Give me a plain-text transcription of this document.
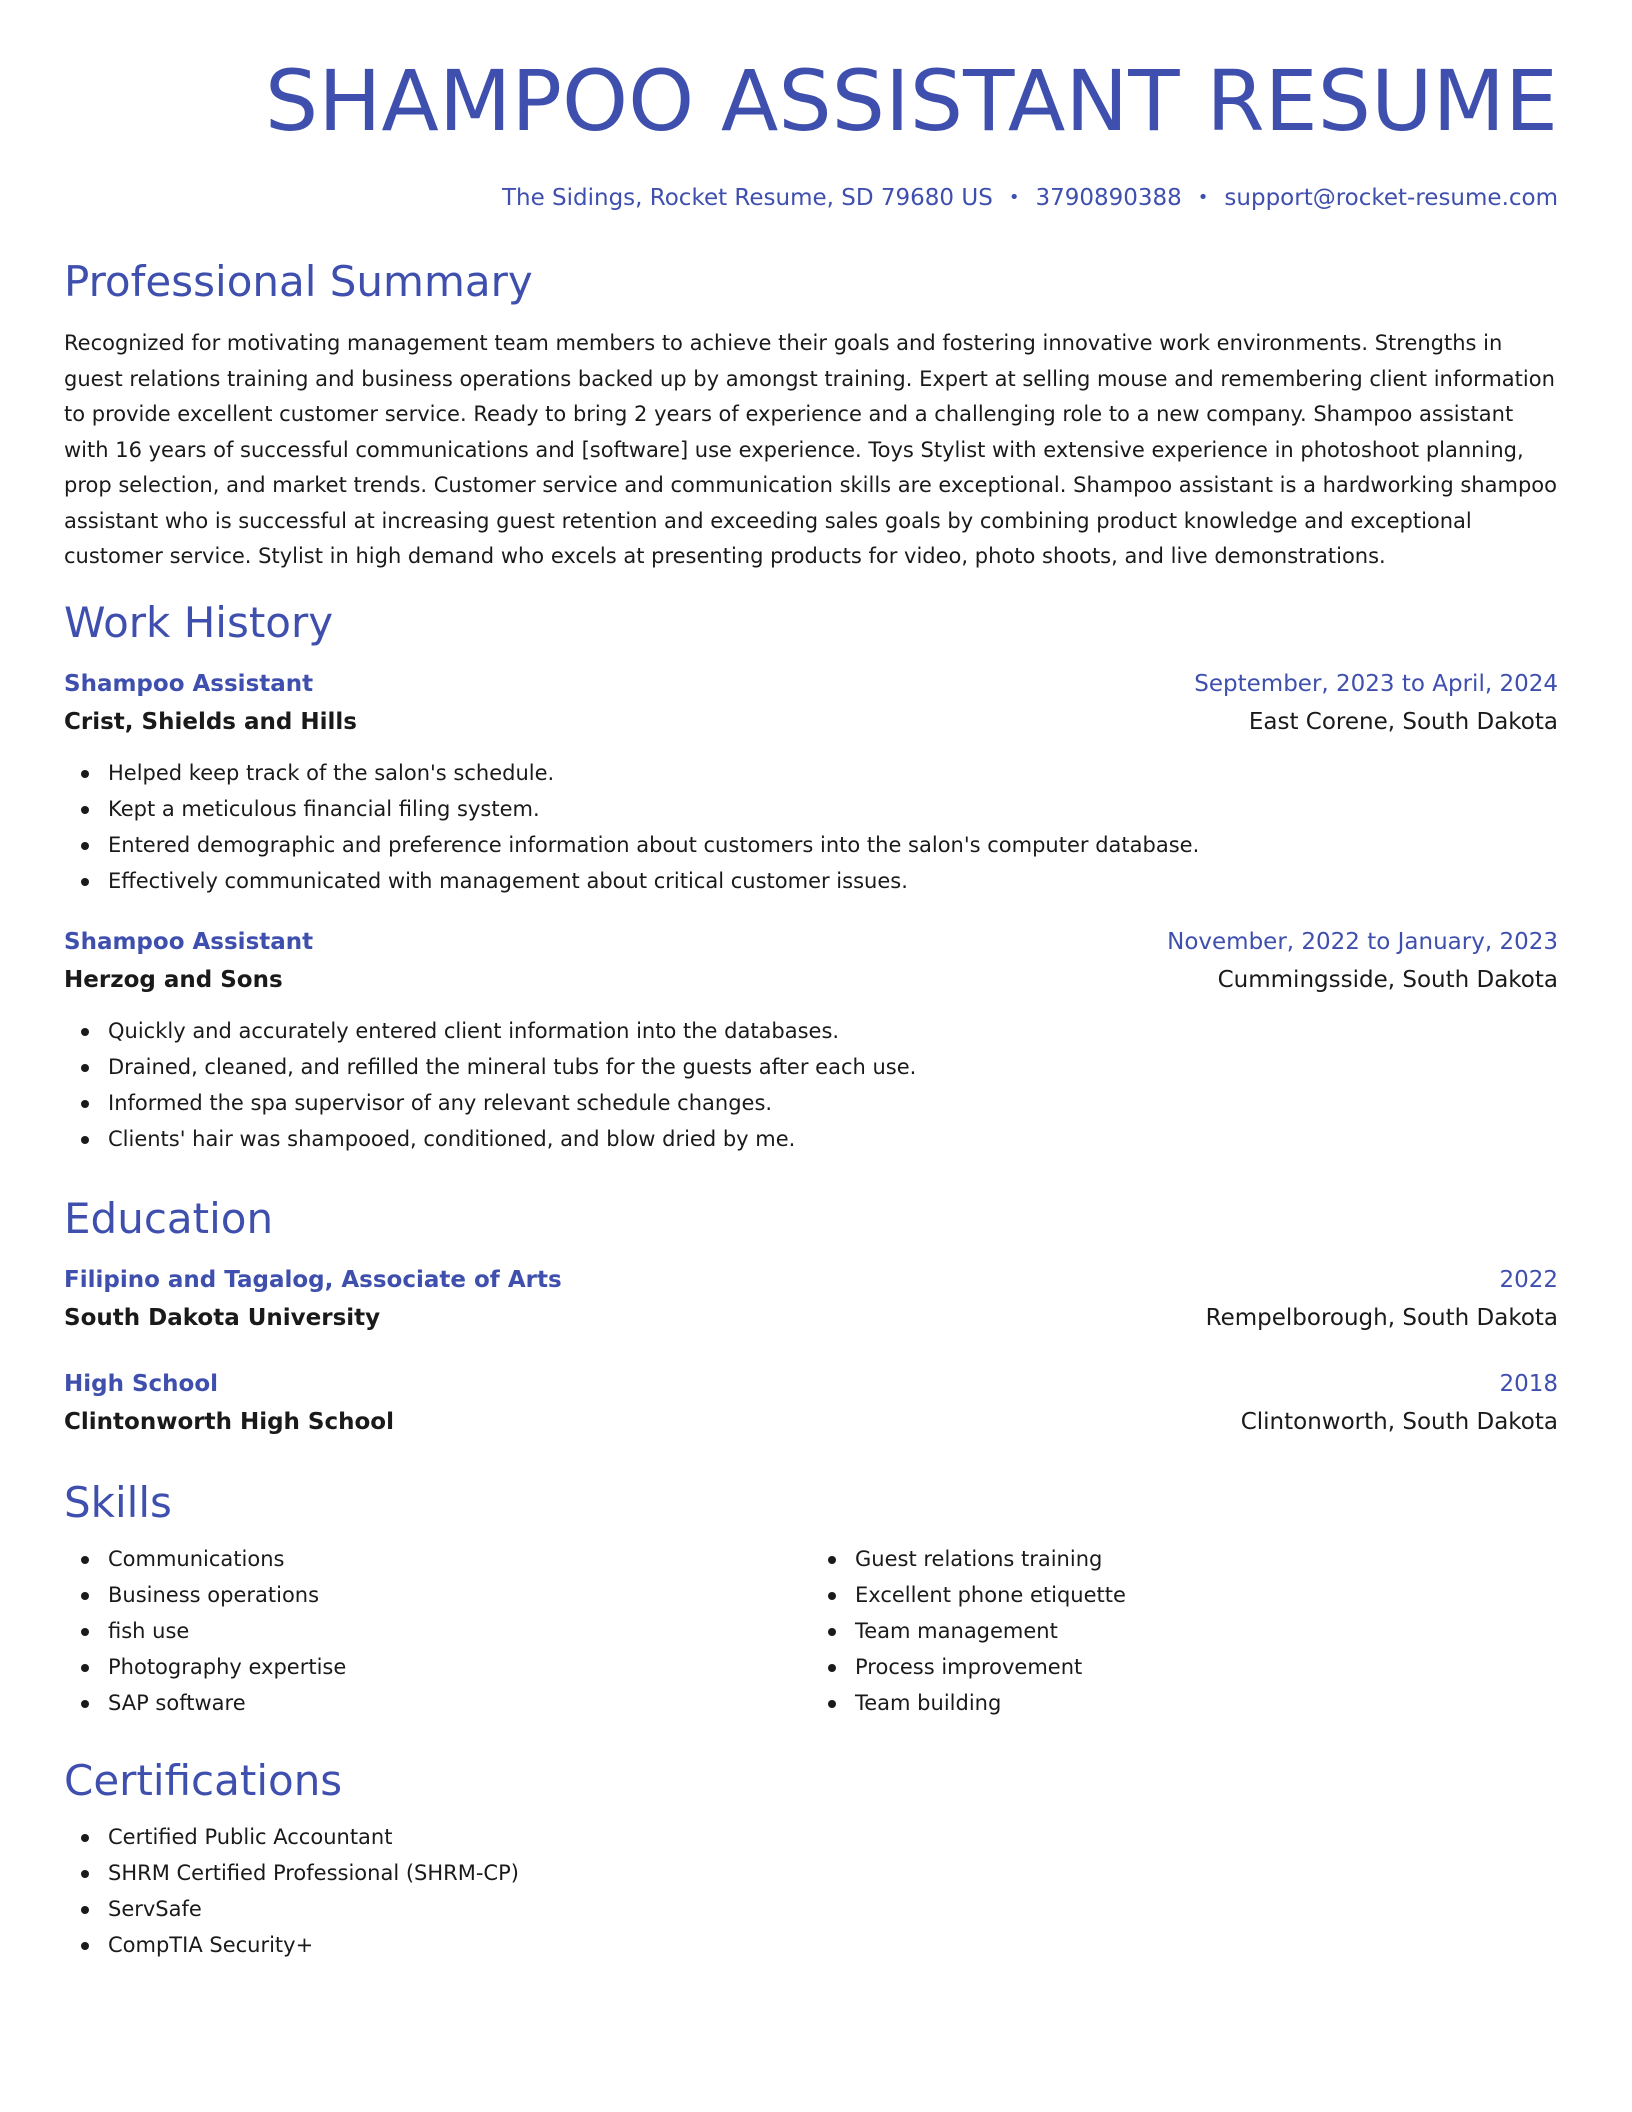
SHAMPOO ASSISTANT RESUME
The Sidings, Rocket Resume, SD 79680 US • 3790890388 • support@rocket-resume.com
Professional Summary
Recognized for motivating management team members to achieve their goals and fostering innovative work environments. Strengths in guest relations training and business operations backed up by amongst training. Expert at selling mouse and remembering client information to provide excellent customer service. Ready to bring 2 years of experience and a challenging role to a new company. Shampoo assistant with 16 years of successful communications and [software] use experience. Toys Stylist with extensive experience in photoshoot planning, prop selection, and market trends. Customer service and communication skills are exceptional. Shampoo assistant is a hardworking shampoo assistant who is successful at increasing guest retention and exceeding sales goals by combining product knowledge and exceptional customer service. Stylist in high demand who excels at presenting products for video, photo shoots, and live demonstrations.
Work History
Shampoo Assistant	September, 2023 to April, 2024
Crist, Shields and Hills	East Corene, South Dakota
Helped keep track of the salon's schedule.
Kept a meticulous financial filing system.
Entered demographic and preference information about customers into the salon's computer database.
Effectively communicated with management about critical customer issues.
Shampoo Assistant	November, 2022 to January, 2023
Herzog and Sons	Cummingsside, South Dakota
Quickly and accurately entered client information into the databases.
Drained, cleaned, and refilled the mineral tubs for the guests after each use.
Informed the spa supervisor of any relevant schedule changes.
Clients' hair was shampooed, conditioned, and blow dried by me.
Education
Filipino and Tagalog, Associate of Arts	2022
South Dakota University	Rempelborough, South Dakota
High School	2018
Clintonworth High School	Clintonworth, South Dakota
Skills
Communications
Business operations
fish use
Photography expertise
SAP software
Guest relations training
Excellent phone etiquette
Team management
Process improvement
Team building
Certifications
Certified Public Accountant
SHRM Certified Professional (SHRM-CP)
ServSafe
CompTIA Security+
